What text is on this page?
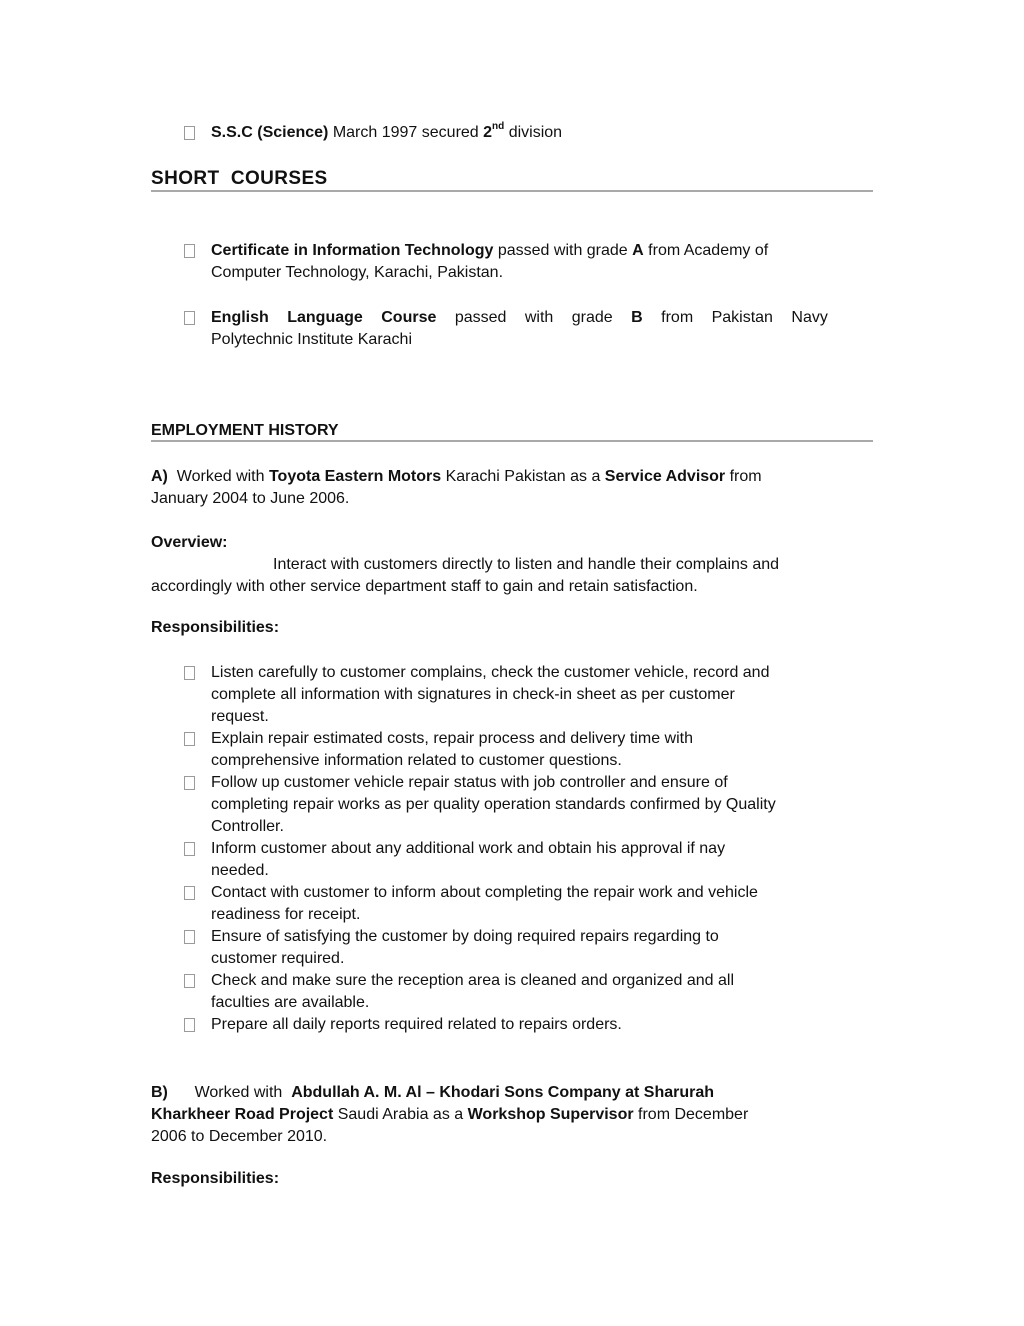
S.S.C (Science) March 1997 secured 2nd division
SHORT  COURSES
Certificate in Information Technology passed with grade A from Academy of
Computer Technology, Karachi, Pakistan.
English Language Course passed with grade B from Pakistan Navy
Polytechnic Institute Karachi
EMPLOYMENT HISTORY
A) Worked with Toyota Eastern Motors Karachi Pakistan as a Service Advisor from
January 2004 to June 2006.
Overview:
Interact with customers directly to listen and handle their complains and
accordingly with other service department staff to gain and retain satisfaction.
Responsibilities:
Listen carefully to customer complains, check the customer vehicle, record and
complete all information with signatures in check-in sheet as per customer
request.
Explain repair estimated costs, repair process and delivery time with
comprehensive information related to customer questions.
Follow up customer vehicle repair status with job controller and ensure of
completing repair works as per quality operation standards confirmed by Quality
Controller.
Inform customer about any additional work and obtain his approval if nay
needed.
Contact with customer to inform about completing the repair work and vehicle
readiness for receipt.
Ensure of satisfying the customer by doing required repairs regarding to
customer required.
Check and make sure the reception area is cleaned and organized and all
faculties are available.
Prepare all daily reports required related to repairs orders.
B) Worked with Abdullah A. M. Al – Khodari Sons Company at Sharurah
Kharkheer Road Project Saudi Arabia as a Workshop Supervisor from December
2006 to December 2010.
Responsibilities:
